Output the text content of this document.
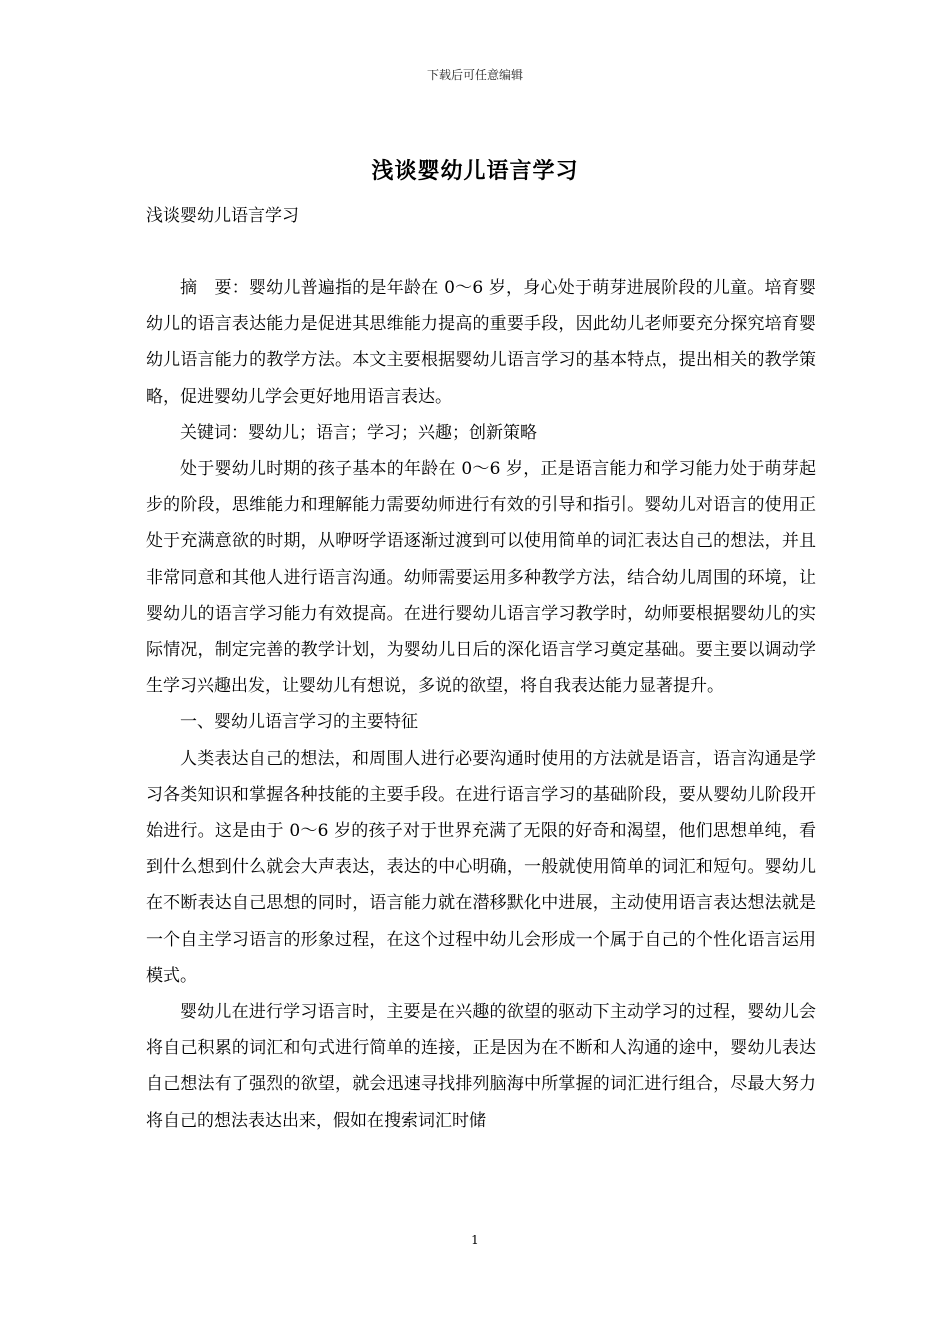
下载后可任意编辑
浅谈婴幼儿语言学习
浅谈婴幼儿语言学习

摘　要：婴幼儿普遍指的是年龄在 0～6 岁，身心处于萌芽进展阶段的儿童。培育婴幼儿的语言表达能力是促进其思维能力提高的重要手段，因此幼儿老师要充分探究培育婴幼儿语言能力的教学方法。本文主要根据婴幼儿语言学习的基本特点，提出相关的教学策略，促进婴幼儿学会更好地用语言表达。

关键词：婴幼儿；语言；学习；兴趣；创新策略

处于婴幼儿时期的孩子基本的年龄在 0～6 岁，正是语言能力和学习能力处于萌芽起步的阶段，思维能力和理解能力需要幼师进行有效的引导和指引。婴幼儿对语言的使用正处于充满意欲的时期，从咿呀学语逐渐过渡到可以使用简单的词汇表达自己的想法，并且非常同意和其他人进行语言沟通。幼师需要运用多种教学方法，结合幼儿周围的环境，让婴幼儿的语言学习能力有效提高。在进行婴幼儿语言学习教学时，幼师要根据婴幼儿的实际情况，制定完善的教学计划，为婴幼儿日后的深化语言学习奠定基础。要主要以调动学生学习兴趣出发，让婴幼儿有想说，多说的欲望，将自我表达能力显著提升。

一、婴幼儿语言学习的主要特征

人类表达自己的想法，和周围人进行必要沟通时使用的方法就是语言，语言沟通是学习各类知识和掌握各种技能的主要手段。在进行语言学习的基础阶段，要从婴幼儿阶段开始进行。这是由于 0～6 岁的孩子对于世界充满了无限的好奇和渴望，他们思想单纯，看到什么想到什么就会大声表达，表达的中心明确，一般就使用简单的词汇和短句。婴幼儿在不断表达自己思想的同时，语言能力就在潜移默化中进展，主动使用语言表达想法就是一个自主学习语言的形象过程，在这个过程中幼儿会形成一个属于自己的个性化语言运用模式。

婴幼儿在进行学习语言时，主要是在兴趣的欲望的驱动下主动学习的过程，婴幼儿会将自己积累的词汇和句式进行简单的连接，正是因为在不断和人沟通的途中，婴幼儿表达自己想法有了强烈的欲望，就会迅速寻找排列脑海中所掌握的词汇进行组合，尽最大努力将自己的想法表达出来，假如在搜索词汇时储

1
